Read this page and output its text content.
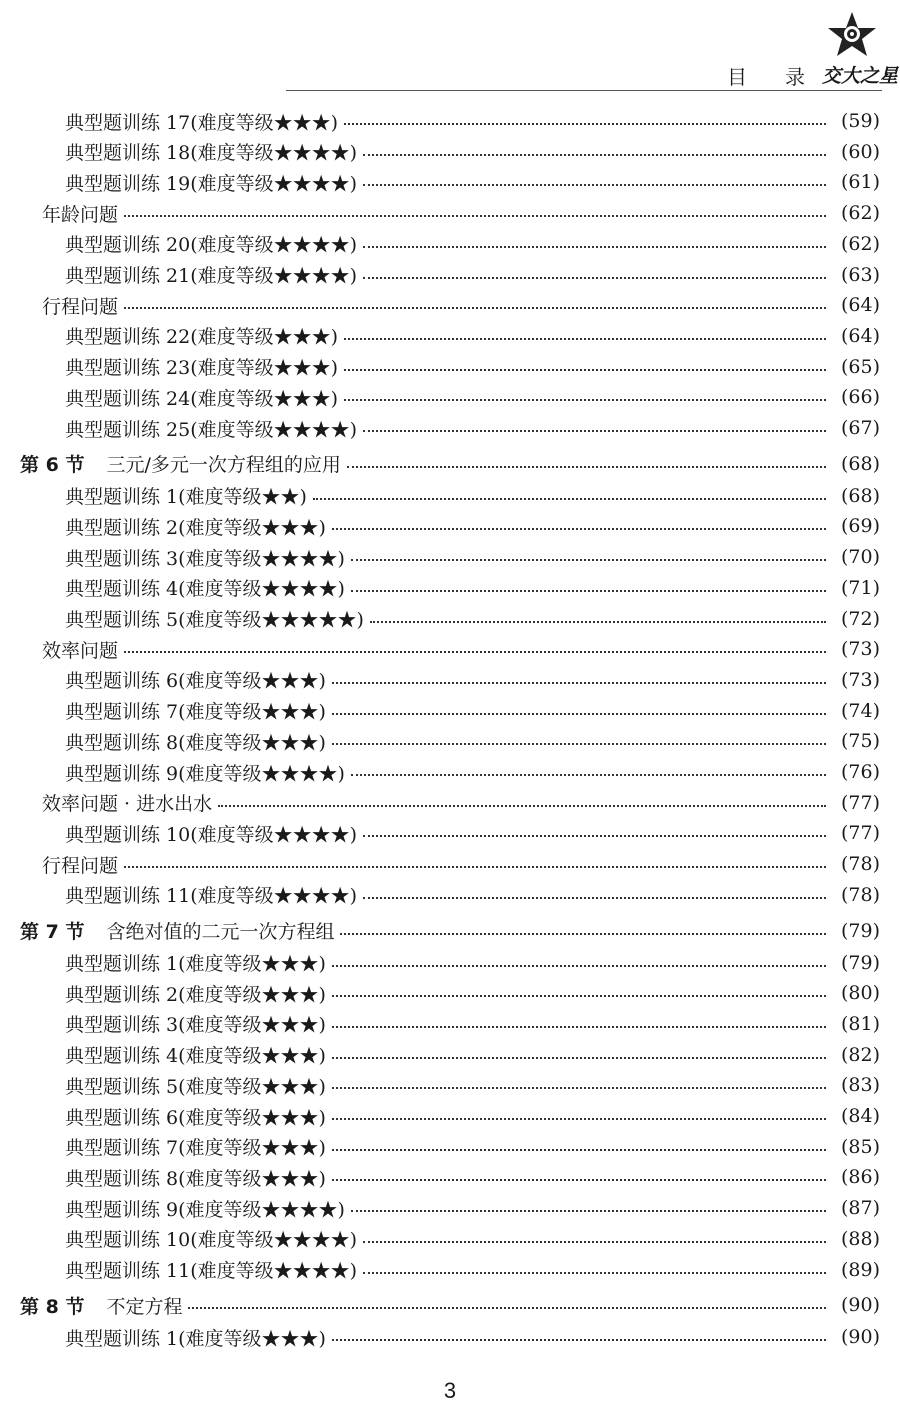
目 录 交大之星
典型题训练 17(难度等级★★★)	(59)
典型题训练 18(难度等级★★★★)	(60)
典型题训练 19(难度等级★★★★)	(61)
年龄问题	(62)
典型题训练 20(难度等级★★★★)	(62)
典型题训练 21(难度等级★★★★)	(63)
行程问题	(64)
典型题训练 22(难度等级★★★)	(64)
典型题训练 23(难度等级★★★)	(65)
典型题训练 24(难度等级★★★)	(66)
典型题训练 25(难度等级★★★★)	(67)
第 6 节 三元/多元一次方程组的应用	(68)
典型题训练 1(难度等级★★)	(68)
典型题训练 2(难度等级★★★)	(69)
典型题训练 3(难度等级★★★★)	(70)
典型题训练 4(难度等级★★★★)	(71)
典型题训练 5(难度等级★★★★★)	(72)
效率问题	(73)
典型题训练 6(难度等级★★★)	(73)
典型题训练 7(难度等级★★★)	(74)
典型题训练 8(难度等级★★★)	(75)
典型题训练 9(难度等级★★★★)	(76)
效率问题 · 进水出水	(77)
典型题训练 10(难度等级★★★★)	(77)
行程问题	(78)
典型题训练 11(难度等级★★★★)	(78)
第 7 节 含绝对值的二元一次方程组	(79)
典型题训练 1(难度等级★★★)	(79)
典型题训练 2(难度等级★★★)	(80)
典型题训练 3(难度等级★★★)	(81)
典型题训练 4(难度等级★★★)	(82)
典型题训练 5(难度等级★★★)	(83)
典型题训练 6(难度等级★★★)	(84)
典型题训练 7(难度等级★★★)	(85)
典型题训练 8(难度等级★★★)	(86)
典型题训练 9(难度等级★★★★)	(87)
典型题训练 10(难度等级★★★★)	(88)
典型题训练 11(难度等级★★★★)	(89)
第 8 节 不定方程	(90)
典型题训练 1(难度等级★★★)	(90)
3
